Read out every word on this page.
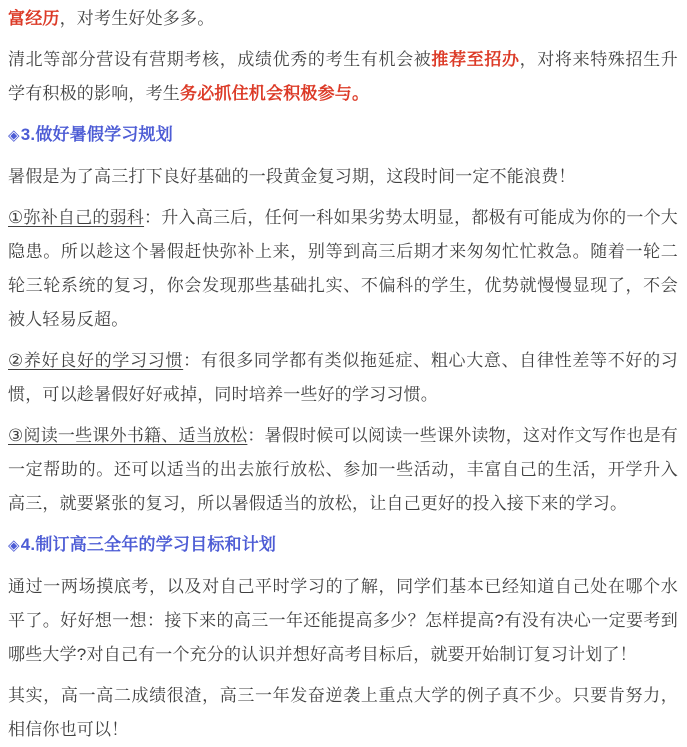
富经历，对考生好处多多。

清北等部分营设有营期考核，成绩优秀的考生有机会被推荐至招办，对将来特殊招生升学有积极的影响，考生务必抓住机会积极参与。

◈3.做好暑假学习规划

暑假是为了高三打下良好基础的一段黄金复习期，这段时间一定不能浪费！

①弥补自己的弱科：升入高三后，任何一科如果劣势太明显，都极有可能成为你的一个大隐患。所以趁这个暑假赶快弥补上来，别等到高三后期才来匆匆忙忙救急。随着一轮二轮三轮系统的复习，你会发现那些基础扎实、不偏科的学生，优势就慢慢显现了，不会被人轻易反超。

②养好良好的学习习惯：有很多同学都有类似拖延症、粗心大意、自律性差等不好的习惯，可以趁暑假好好戒掉，同时培养一些好的学习习惯。

③阅读一些课外书籍、适当放松：暑假时候可以阅读一些课外读物，这对作文写作也是有一定帮助的。还可以适当的出去旅行放松、参加一些活动，丰富自己的生活，开学升入高三，就要紧张的复习，所以暑假适当的放松，让自己更好的投入接下来的学习。

◈4.制订高三全年的学习目标和计划

通过一两场摸底考，以及对自己平时学习的了解，同学们基本已经知道自己处在哪个水平了。好好想一想：接下来的高三一年还能提高多少？怎样提高?有没有决心一定要考到哪些大学?对自己有一个充分的认识并想好高考目标后，就要开始制订复习计划了！

其实，高一高二成绩很渣，高三一年发奋逆袭上重点大学的例子真不少。只要肯努力，相信你也可以！
